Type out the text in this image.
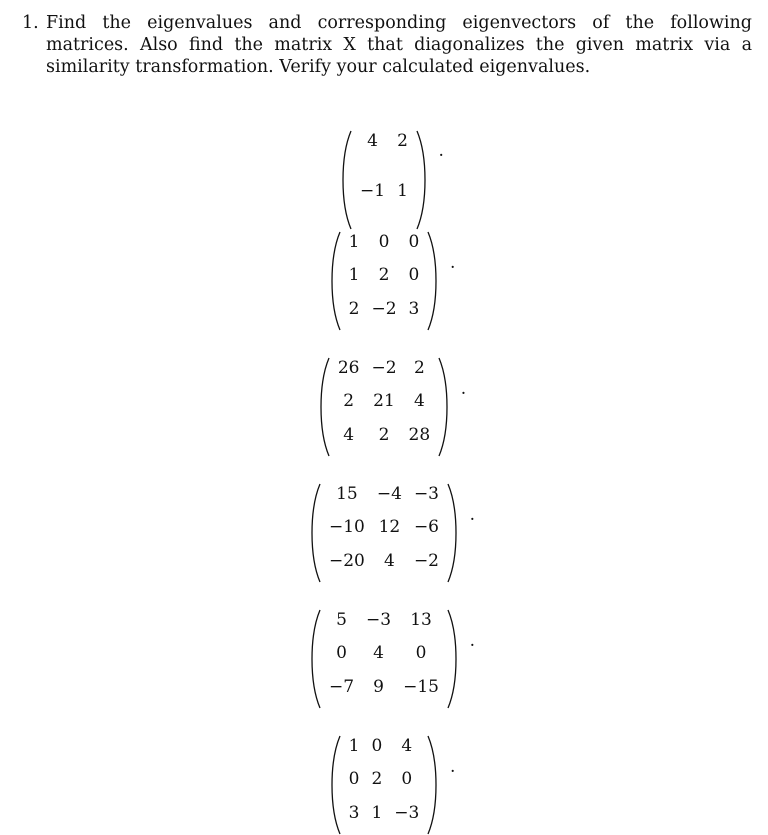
1. Find the eigenvalues and corresponding eigenvectors of the following matrices. Also find the matrix X that diagonalizes the given matrix via a similarity transformation. Verify your calculated eigenvalues.
4	2
−1 1
.
1	0	0
1	2	0
2 −2 3
.
26 −2	2
2	21	4
4	2	28
.
15	−4 −3
−10 12 −6
−20	4	−2
.
5	−3	13
0	4	0
−7	9	−15
.
1 0	4
0 2	0
3 1 −3
.
